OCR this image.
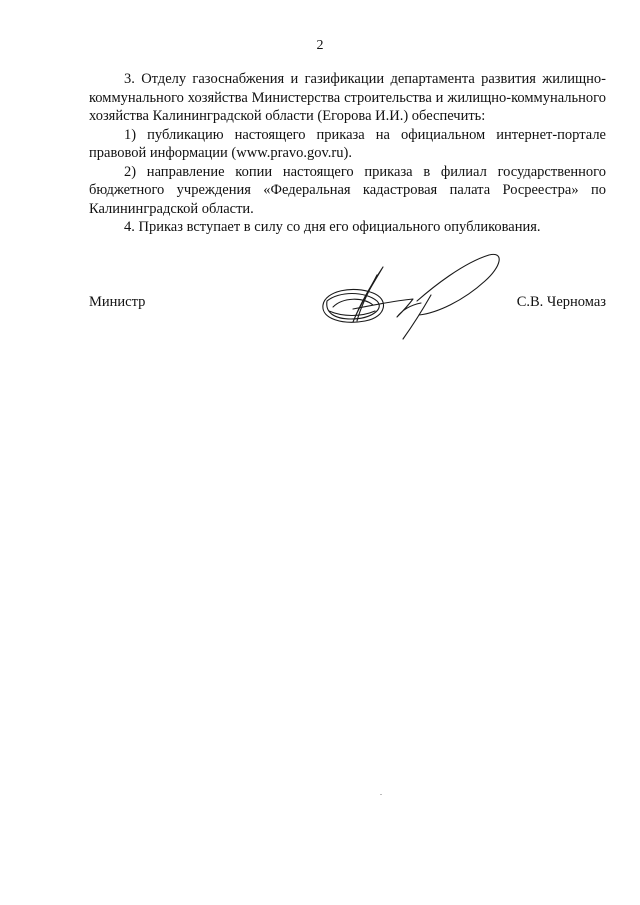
2

3. Отделу газоснабжения и газификации департамента развития жилищно-коммунального хозяйства Министерства строительства и жилищно-коммунального хозяйства Калининградской области (Егорова И.И.) обеспечить:

1) публикацию настоящего приказа на официальном интернет-портале правовой информации (www.pravo.gov.ru).

2) направление копии настоящего приказа в филиал государственного бюджетного учреждения «Федеральная кадастровая палата Росреестра» по Калининградской области.

4. Приказ вступает в силу со дня его официального опубликования.

Министр	С.В. Черномаз
